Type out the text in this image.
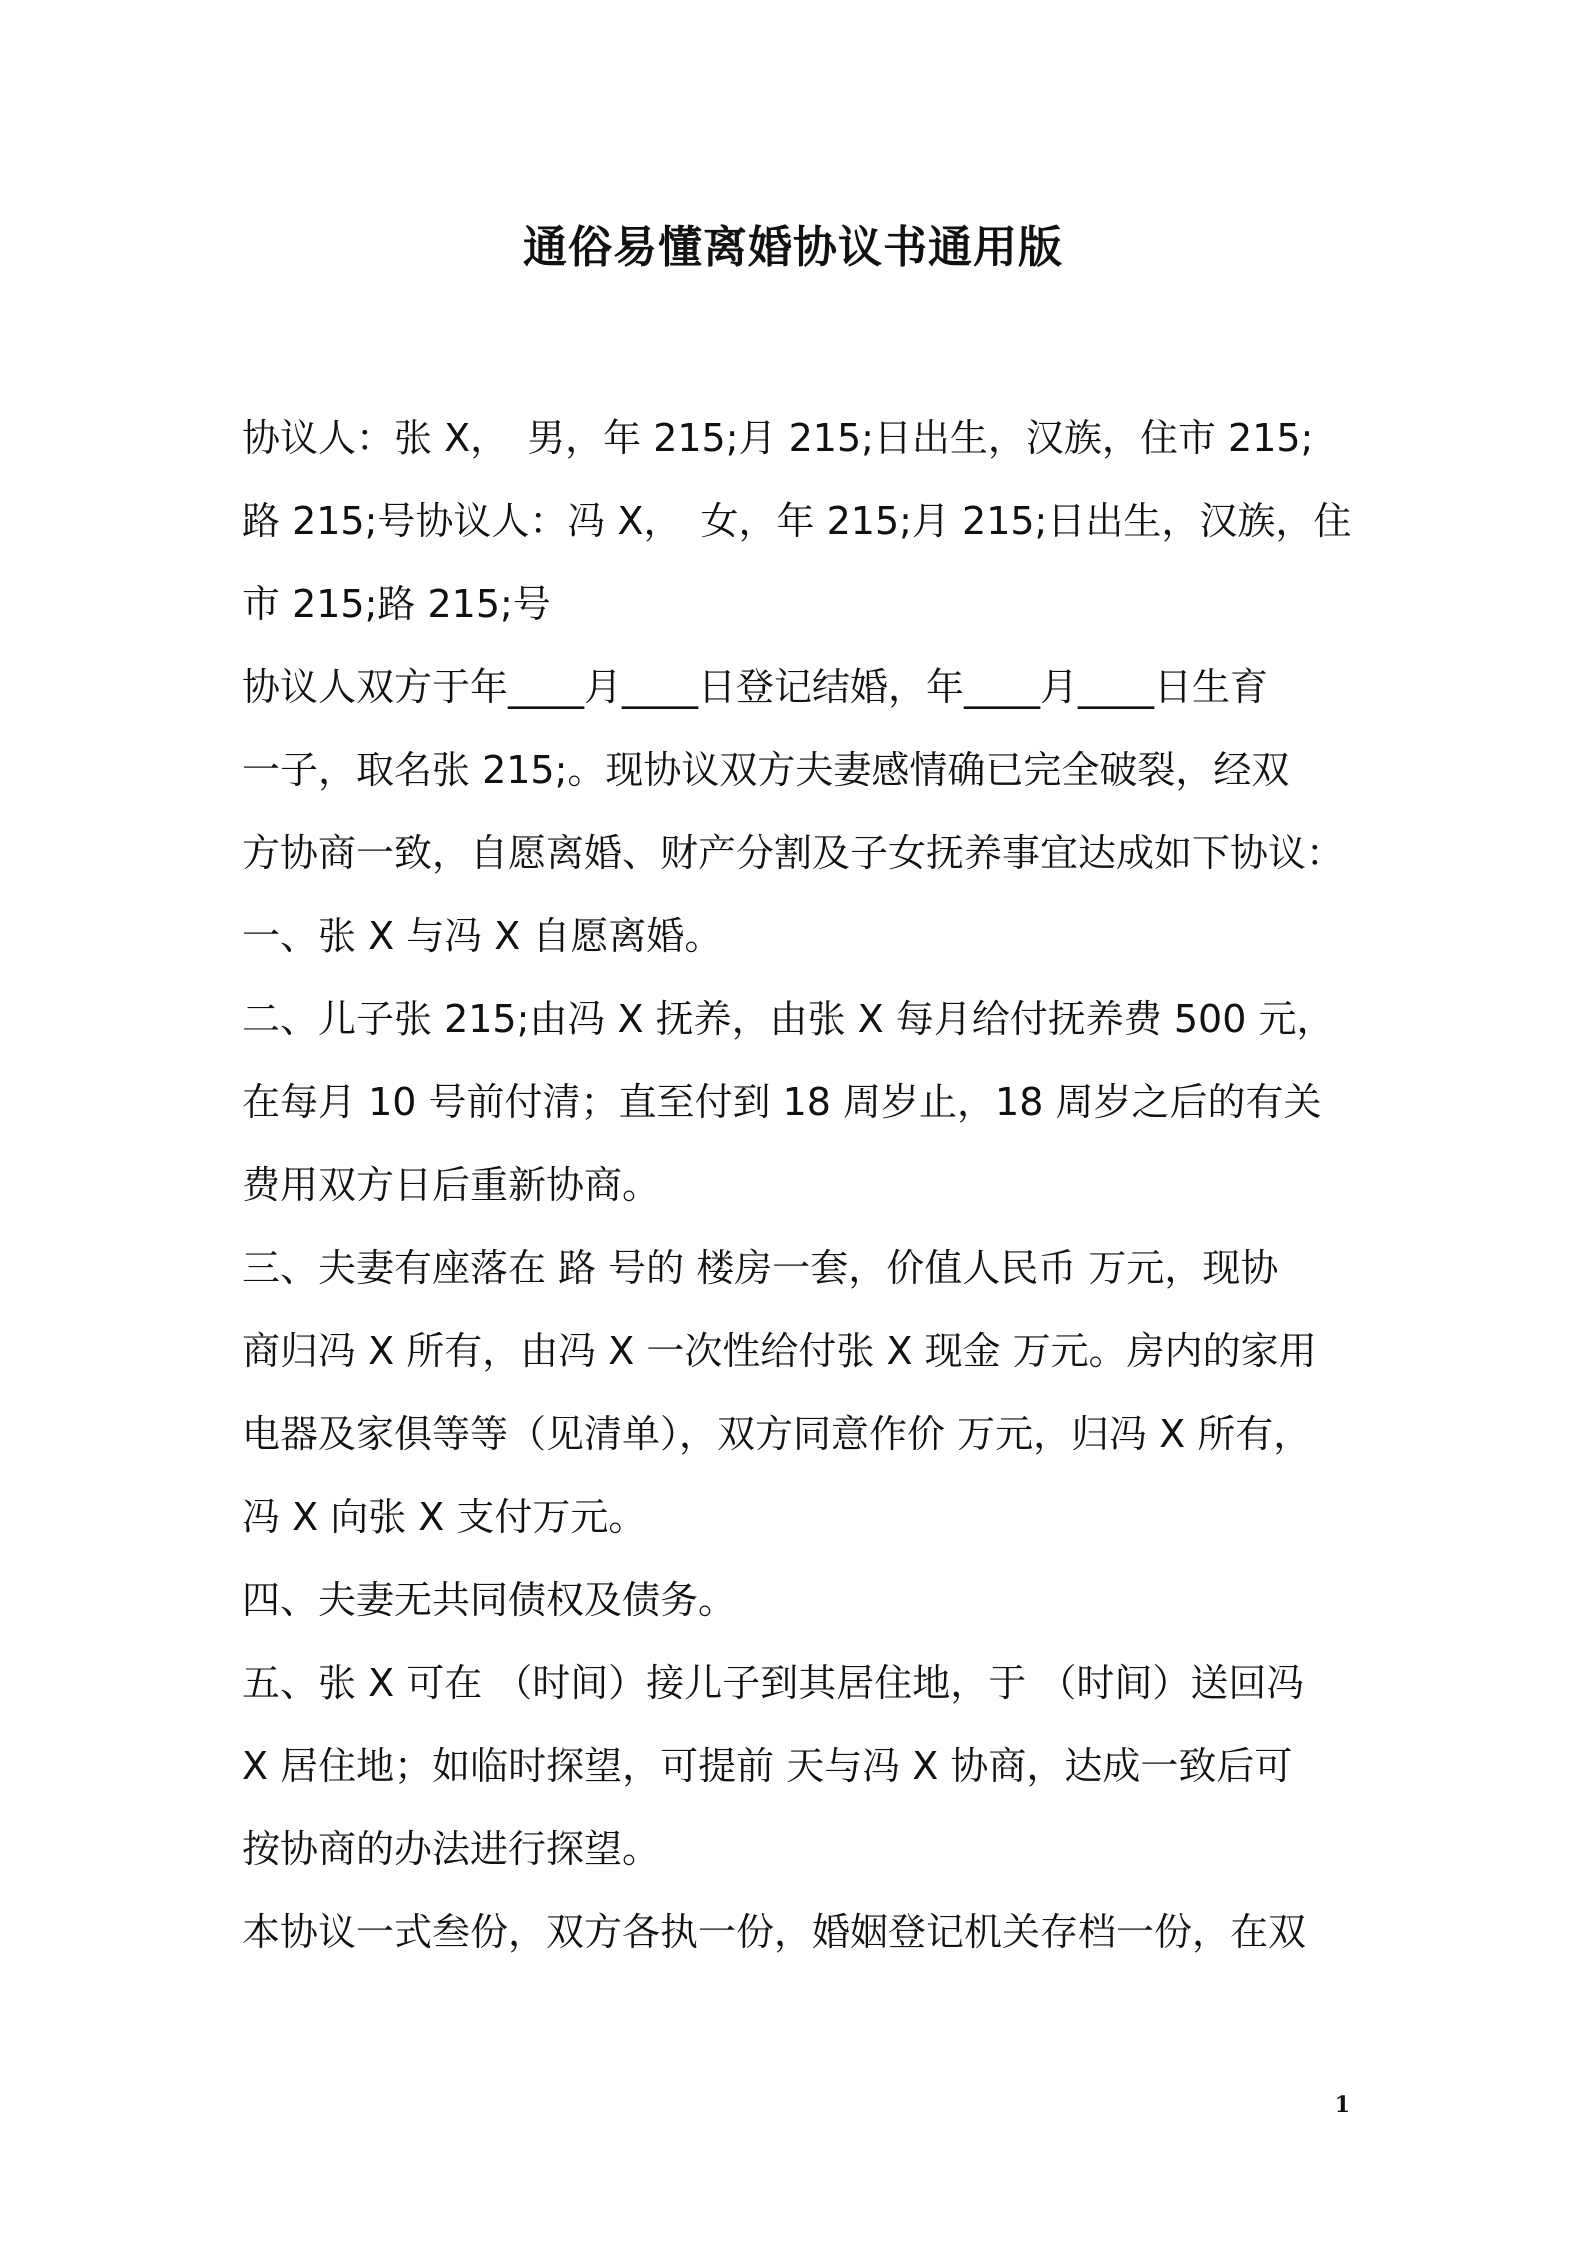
通俗易懂离婚协议书通用版

协议人：张 X，　男，年 215;月 215;日出生，汉族，住市 215;

路 215;号协议人：冯 X，　女，年 215;月 215;日出生，汉族，住

市 215;路 215;号

协议人双方于年____月____日登记结婚，年____月____日生育

一子，取名张 215;。现协议双方夫妻感情确已完全破裂，经双

方协商一致，自愿离婚、财产分割及子女抚养事宜达成如下协议：

一、张 X 与冯 X 自愿离婚。

二、儿子张 215;由冯 X 抚养，由张 X 每月给付抚养费 500 元，

在每月 10 号前付清；直至付到 18 周岁止，18 周岁之后的有关

费用双方日后重新协商。

三、夫妻有座落在 路 号的 楼房一套，价值人民币 万元，现协

商归冯 X 所有，由冯 X 一次性给付张 X 现金 万元。房内的家用

电器及家俱等等（见清单），双方同意作价 万元，归冯 X 所有，

冯 X 向张 X 支付万元。

四、夫妻无共同债权及债务。

五、张 X 可在 （时间）接儿子到其居住地，于 （时间）送回冯

X 居住地；如临时探望，可提前 天与冯 X 协商，达成一致后可

按协商的办法进行探望。

本协议一式叁份，双方各执一份，婚姻登记机关存档一份，在双

1
